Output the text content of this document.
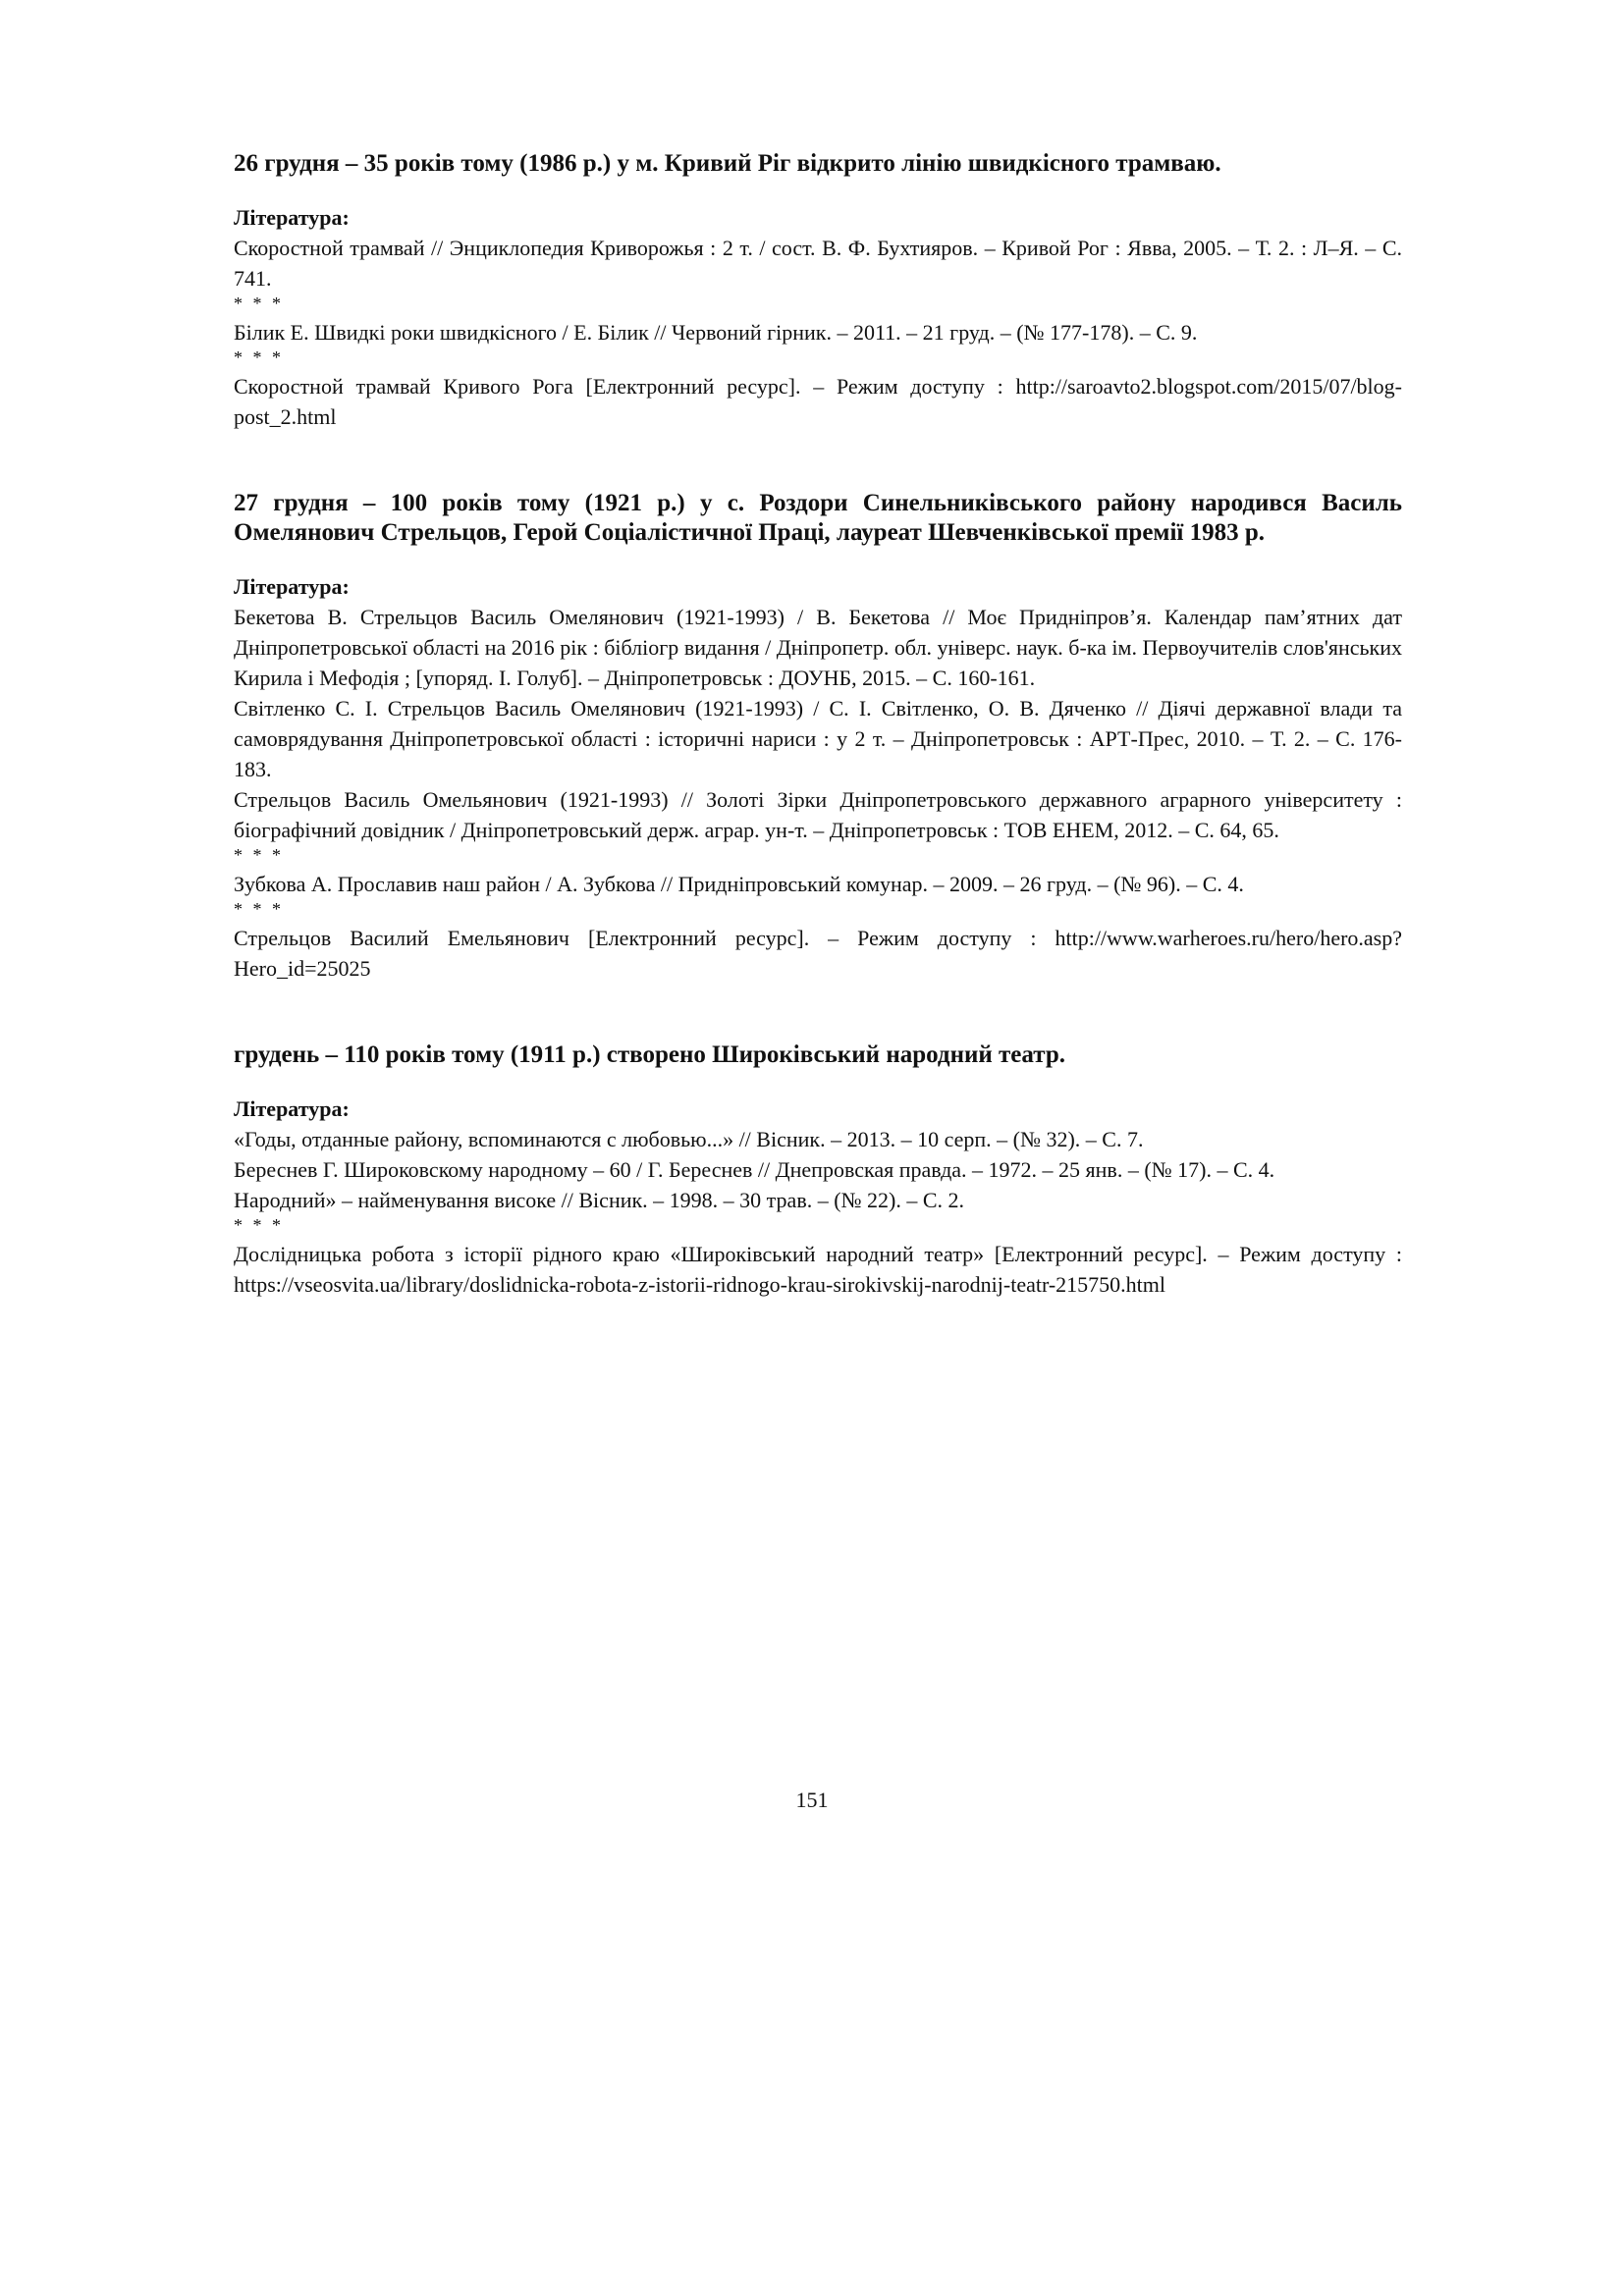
26 грудня – 35 років тому (1986 р.) у м. Кривий Ріг відкрито лінію швидкісного трамваю.

Література:

Скоростной трамвай // Энциклопедия Криворожья : 2 т. / сост. В. Ф. Бухтияров. – Кривой Рог : Явва, 2005. – Т. 2. : Л–Я. – С. 741.

* * *

Білик Е. Швидкі роки швидкісного / Е. Білик // Червоний гірник. – 2011. – 21 груд. – (№ 177-178). – С. 9.

* * *

Скоростной трамвай Кривого Рога [Електронний ресурс]. – Режим доступу : http://saroavto2.blogspot.com/2015/07/blog-post_2.html

27 грудня – 100 років тому (1921 р.) у с. Роздори Синельниківського району народився Василь Омелянович Стрельцов, Герой Соціалістичної Праці, лауреат Шевченківської премії 1983 р.

Література:

Бекетова В. Стрельцов Василь Омелянович (1921-1993) / В. Бекетова // Моє Придніпров’я. Календар пам’ятних дат Дніпропетровської області на 2016 рік : бібліогр видання / Дніпропетр. обл. універс. наук. б-ка ім. Первоучителів слов'янських Кирила і Мефодія ; [упоряд. І. Голуб]. – Дніпропетровськ : ДОУНБ, 2015. – С. 160-161.

Світленко С. І. Стрельцов Василь Омелянович (1921-1993) / С. І. Світленко, О. В. Дяченко // Діячі державної влади та самоврядування Дніпропетровської області : історичні нариси : у 2 т. – Дніпропетровськ : АРТ-Прес, 2010. – Т. 2. – С. 176-183.

Стрельцов Василь Омельянович (1921-1993) // Золоті Зірки Дніпропетровського державного аграрного університету : біографічний довідник / Дніпропетровський держ. аграр. ун-т. – Дніпропетровськ : ТОВ ЕНЕМ, 2012. – С. 64, 65.

* * *

Зубкова А. Прославив наш район / А. Зубкова // Придніпровський комунар. – 2009. – 26 груд. – (№ 96). – С. 4.

* * *

Стрельцов Василий Емельянович [Електронний ресурс]. – Режим доступу : http://www.warheroes.ru/hero/hero.asp?Hero_id=25025

грудень – 110 років тому (1911 р.) створено Широківський народний театр.

Література:

«Годы, отданные району, вспоминаются с любовью...» // Вісник. – 2013. – 10 серп. – (№ 32). – С. 7.

Береснев Г. Широковскому народному – 60 / Г. Береснев // Днепровская правда. – 1972. – 25 янв. – (№ 17). – С. 4.

Народний» – найменування високе // Вісник. – 1998. – 30 трав. – (№ 22). – С. 2.

* * *

Дослідницька робота з історії рідного краю «Широківський народний театр» [Електронний ресурс]. – Режим доступу : https://vseosvita.ua/library/doslidnicka-robota-z-istorii-ridnogo-krau-sirokivskij-narodnij-teatr-215750.html

151
